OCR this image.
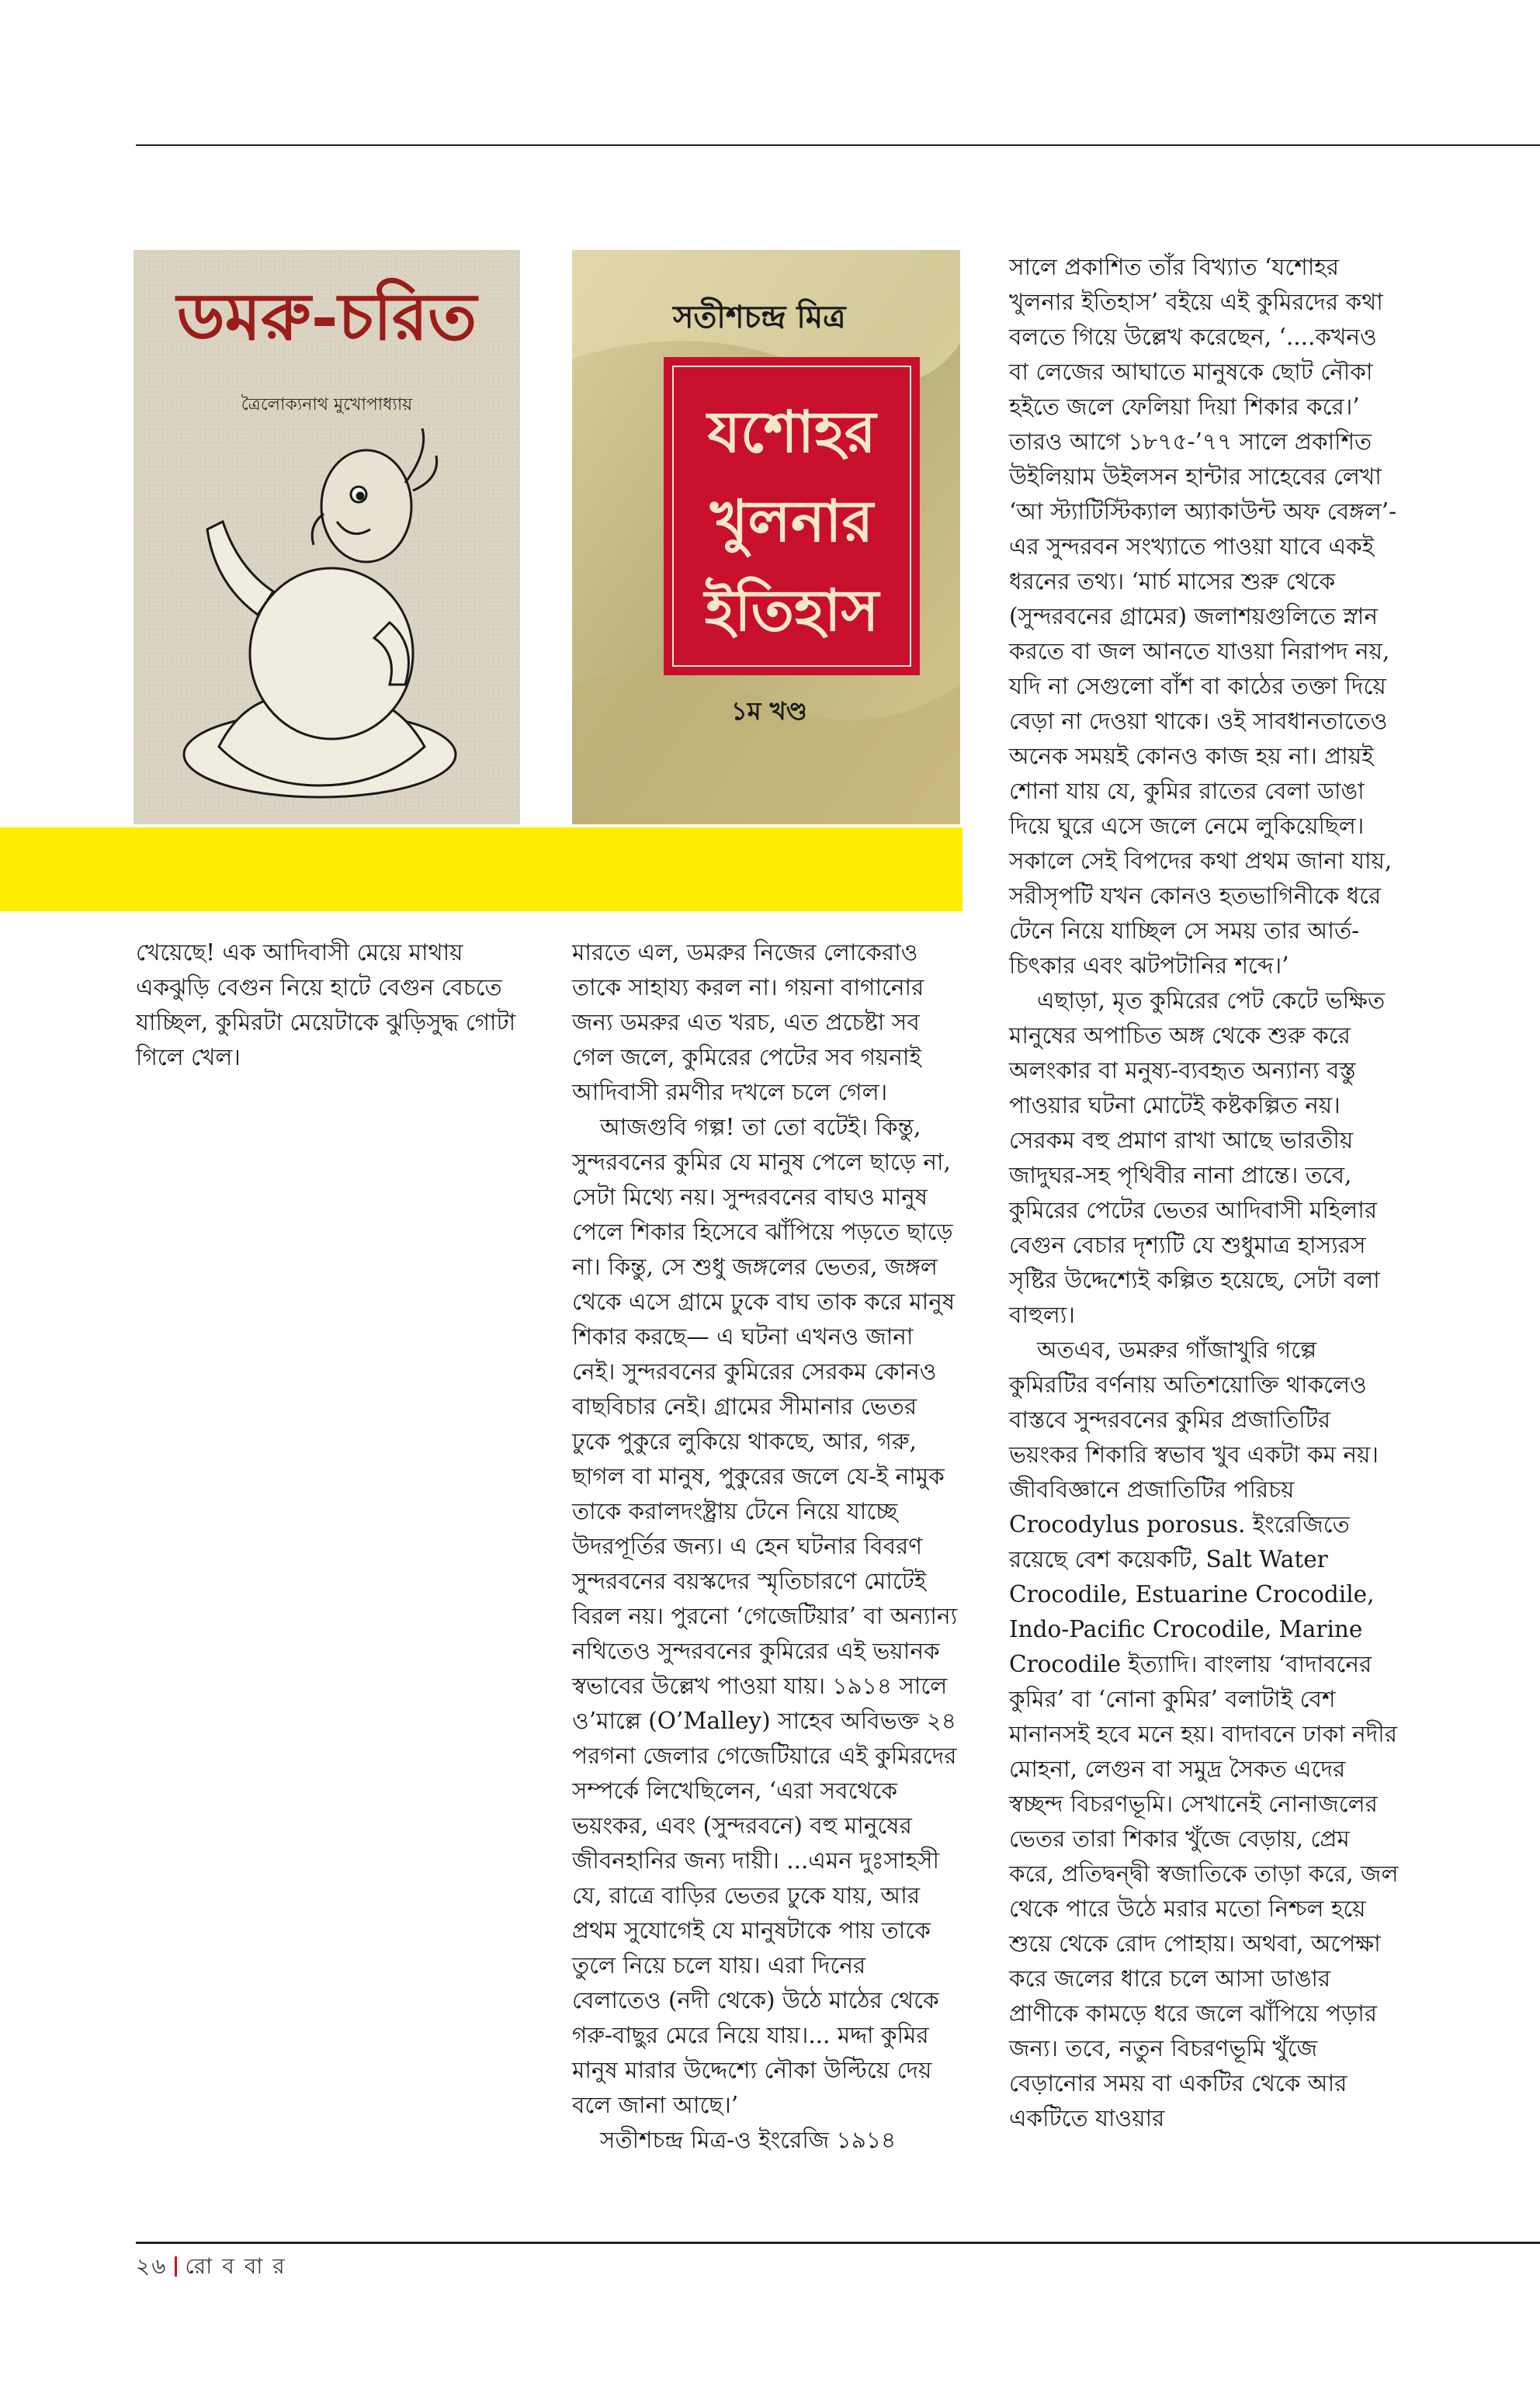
ডমরু-চরিত
ত্রৈলোক্যনাথ মুখোপাধ্যায়
সতীশচন্দ্র মিত্র
যশোহর
খুলনার
ইতিহাস
১ম খণ্ড

খেয়েছে! এক আদিবাসী মেয়ে মাথায় একঝুড়ি বেগুন নিয়ে হাটে বেগুন বেচতে যাচ্ছিল, কুমিরটা মেয়েটাকে ঝুড়িসুদ্ধ গোটা গিলে খেল।

মারতে এল, ডমরুর নিজের লোকেরাও তাকে সাহায্য করল না। গয়না বাগানোর জন্য ডমরুর এত খরচ, এত প্রচেষ্টা সব গেল জলে, কুমিরের পেটের সব গয়নাই আদিবাসী রমণীর দখলে চলে গেল।

আজগুবি গল্প! তা তো বটেই। কিন্তু, সুন্দরবনের কুমির যে মানুষ পেলে ছাড়ে না, সেটা মিথ্যে নয়। সুন্দরবনের বাঘও মানুষ পেলে শিকার হিসেবে ঝাঁপিয়ে পড়তে ছাড়ে না। কিন্তু, সে শুধু জঙ্গলের ভেতর, জঙ্গল থেকে এসে গ্রামে ঢুকে বাঘ তাক করে মানুষ শিকার করছে— এ ঘটনা এখনও জানা নেই। সুন্দরবনের কুমিরের সেরকম কোনও বাছবিচার নেই। গ্রামের সীমানার ভেতর ঢুকে পুকুরে লুকিয়ে থাকছে, আর, গরু, ছাগল বা মানুষ, পুকুরের জলে যে-ই নামুক তাকে করালদংষ্ট্রায় টেনে নিয়ে যাচ্ছে উদরপূর্তির জন্য। এ হেন ঘটনার বিবরণ সুন্দরবনের বয়স্কদের স্মৃতিচারণে মোটেই বিরল নয়। পুরনো ‘গেজেটিয়ার’ বা অন্যান্য নথিতেও সুন্দরবনের কুমিরের এই ভয়ানক স্বভাবের উল্লেখ পাওয়া যায়। ১৯১৪ সালে ও’মাল্লে (O’Malley) সাহেব অবিভক্ত ২৪ পরগনা জেলার গেজেটিয়ারে এই কুমিরদের সম্পর্কে লিখেছিলেন, ‘এরা সবথেকে ভয়ংকর, এবং (সুন্দরবনে) বহু মানুষের জীবনহানির জন্য দায়ী। ...এমন দুঃসাহসী যে, রাত্রে বাড়ির ভেতর ঢুকে যায়, আর প্রথম সুযোগেই যে মানুষটাকে পায় তাকে তুলে নিয়ে চলে যায়। এরা দিনের বেলাতেও (নদী থেকে) উঠে মাঠের থেকে গরু-বাছুর মেরে নিয়ে যায়।... মদ্দা কুমির মানুষ মারার উদ্দেশ্যে নৌকা উল্টিয়ে দেয় বলে জানা আছে।’

সতীশচন্দ্র মিত্র-ও ইংরেজি ১৯১৪

সালে প্রকাশিত তাঁর বিখ্যাত ‘যশোহর খুলনার ইতিহাস’ বইয়ে এই কুমিরদের কথা বলতে গিয়ে উল্লেখ করেছেন, ‘....কখনও বা লেজের আঘাতে মানুষকে ছোট নৌকা হইতে জলে ফেলিয়া দিয়া শিকার করে।’ তারও আগে ১৮৭৫-’৭৭ সালে প্রকাশিত উইলিয়াম উইলসন হান্টার সাহেবের লেখা ‘আ স্ট্যাটিস্টিক্যাল অ্যাকাউন্ট অফ বেঙ্গল’-এর সুন্দরবন সংখ্যাতে পাওয়া যাবে একই ধরনের তথ্য। ‘মার্চ মাসের শুরু থেকে (সুন্দরবনের গ্রামের) জলাশয়গুলিতে স্নান করতে বা জল আনতে যাওয়া নিরাপদ নয়, যদি না সেগুলো বাঁশ বা কাঠের তক্তা দিয়ে বেড়া না দেওয়া থাকে। ওই সাবধানতাতেও অনেক সময়ই কোনও কাজ হয় না। প্রায়ই শোনা যায় যে, কুমির রাতের বেলা ডাঙা দিয়ে ঘুরে এসে জলে নেমে লুকিয়েছিল। সকালে সেই বিপদের কথা প্রথম জানা যায়, সরীসৃপটি যখন কোনও হতভাগিনীকে ধরে টেনে নিয়ে যাচ্ছিল সে সময় তার আর্ত-চিৎকার এবং ঝটপটানির শব্দে।’

এছাড়া, মৃত কুমিরের পেট কেটে ভক্ষিত মানুষের অপাচিত অঙ্গ থেকে শুরু করে অলংকার বা মনুষ্য-ব্যবহৃত অন্যান্য বস্তু পাওয়ার ঘটনা মোটেই কষ্টকল্পিত নয়। সেরকম বহু প্রমাণ রাখা আছে ভারতীয় জাদুঘর-সহ পৃথিবীর নানা প্রান্তে। তবে, কুমিরের পেটের ভেতর আদিবাসী মহিলার বেগুন বেচার দৃশ্যটি যে শুধুমাত্র হাস্যরস সৃষ্টির উদ্দেশ্যেই কল্পিত হয়েছে, সেটা বলা বাহুল্য।

অতএব, ডমরুর গাঁজাখুরি গল্পে কুমিরটির বর্ণনায় অতিশয়োক্তি থাকলেও বাস্তবে সুন্দরবনের কুমির প্রজাতিটির ভয়ংকর শিকারি স্বভাব খুব একটা কম নয়। জীববিজ্ঞানে প্রজাতিটির পরিচয় Crocodylus porosus. ইংরেজিতে রয়েছে বেশ কয়েকটি, Salt Water Crocodile, Estuarine Crocodile, Indo-Pacific Crocodile, Marine Crocodile ইত্যাদি। বাংলায় ‘বাদাবনের কুমির’ বা ‘নোনা কুমির’ বলাটাই বেশ মানানসই হবে মনে হয়। বাদাবনে ঢাকা নদীর মোহনা, লেগুন বা সমুদ্র সৈকত এদের স্বচ্ছন্দ বিচরণভূমি। সেখানেই নোনাজলের ভেতর তারা শিকার খুঁজে বেড়ায়, প্রেম করে, প্রতিদ্বন্দ্বী স্বজাতিকে তাড়া করে, জল থেকে পারে উঠে মরার মতো নিশ্চল হয়ে শুয়ে থেকে রোদ পোহায়। অথবা, অপেক্ষা করে জলের ধারে চলে আসা ডাঙার প্রাণীকে কামড়ে ধরে জলে ঝাঁপিয়ে পড়ার জন্য। তবে, নতুন বিচরণভূমি খুঁজে বেড়ানোর সময় বা একটির থেকে আর একটিতে যাওয়ার

২৬ রো ব বা র
